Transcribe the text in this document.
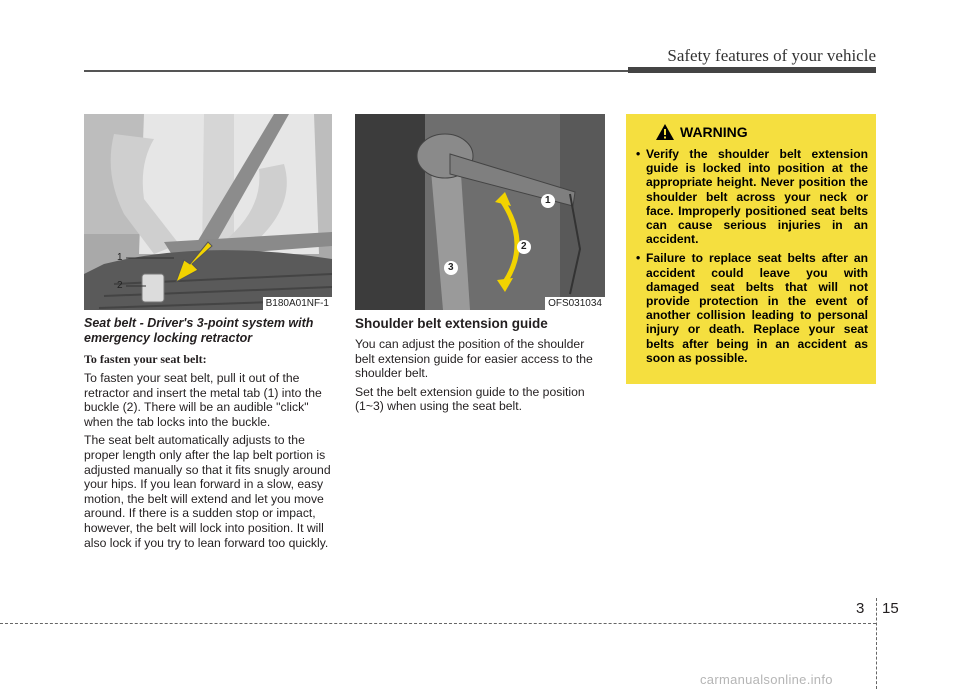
Safety features of your vehicle
1
2
B180A01NF-1
1
2
3
OFS031034
Seat belt - Driver's 3-point system with emergency locking retractor
To fasten your seat belt:

To fasten your seat belt, pull it out of the retractor and insert the metal tab (1) into the buckle (2). There will be an audible "click" when the tab locks into the buckle.

The seat belt automatically adjusts to the proper length only after the lap belt portion is adjusted manually so that it fits snugly around your hips. If you lean forward in a slow, easy motion, the belt will extend and let you move around. If there is a sudden stop or impact, however, the belt will lock into position. It will also lock if you try to lean forward too quickly.

Shoulder belt extension guide

You can adjust the position of the shoulder belt extension guide for easier access to the shoulder belt.

Set the belt extension guide to the position (1~3) when using the seat belt.

WARNING
• Verify the shoulder belt extension guide is locked into position at the appropriate height. Never position the shoulder belt across your neck or face. Improperly positioned seat belts can cause serious injuries in an accident.
• Failure to replace seat belts after an accident could leave you with damaged seat belts that will not provide protection in the event of another collision leading to personal injury or death. Replace your seat belts after being in an accident as soon as possible.
3 15
carmanualsonline.info
